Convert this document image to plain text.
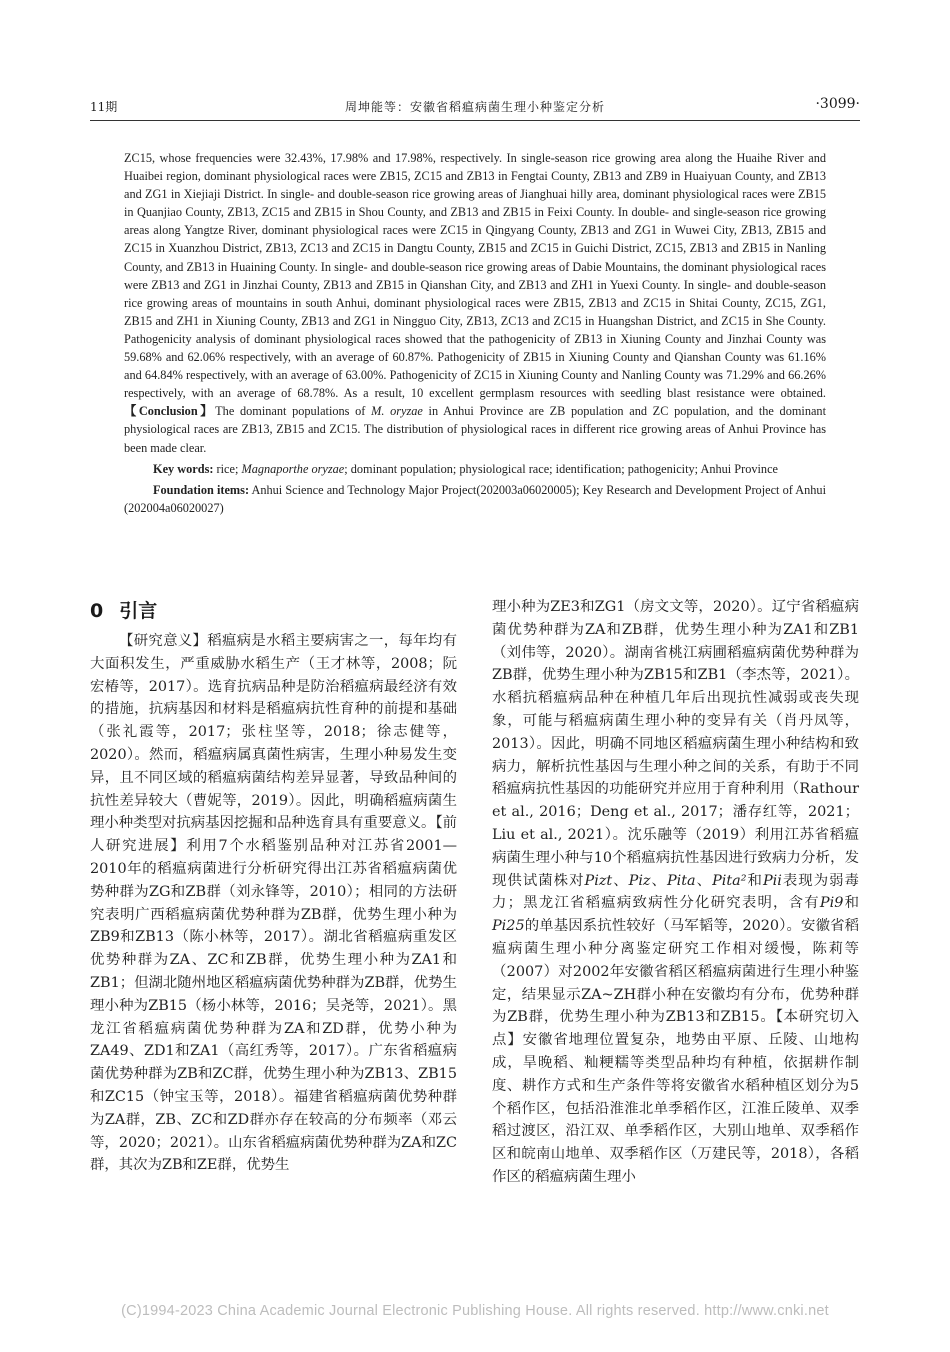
11期	周坤能等：安徽省稻瘟病菌生理小种鉴定分析	·3099·

ZC15, whose frequencies were 32.43%, 17.98% and 17.98%, respectively. In single-season rice growing area along the Huaihe River and Huaibei region, dominant physiological races were ZB15, ZC15 and ZB13 in Fengtai County, ZB13 and ZB9 in Huaiyuan County, and ZB13 and ZG1 in Xiejiaji District. In single- and double-season rice growing areas of Jianghuai hilly area, dominant physiological races were ZB15 in Quanjiao County, ZB13, ZC15 and ZB15 in Shou County, and ZB13 and ZB15 in Feixi County. In double- and single-season rice growing areas along Yangtze River, dominant physiological races were ZC15 in Qingyang County, ZB13 and ZG1 in Wuwei City, ZB13, ZB15 and ZC15 in Xuanzhou District, ZB13, ZC13 and ZC15 in Dangtu County, ZB15 and ZC15 in Guichi District, ZC15, ZB13 and ZB15 in Nanling County, and ZB13 in Huaining County. In single- and double-season rice growing areas of Dabie Mountains, the dominant physiological races were ZB13 and ZG1 in Jinzhai County, ZB13 and ZB15 in Qianshan City, and ZB13 and ZH1 in Yuexi County. In single- and double-season rice growing areas of mountains in south Anhui, dominant physiological races were ZB15, ZB13 and ZC15 in Shitai County, ZC15, ZG1, ZB15 and ZH1 in Xiuning County, ZB13 and ZG1 in Ningguo City, ZB13, ZC13 and ZC15 in Huangshan District, and ZC15 in She County. Pathogenicity analysis of dominant physiological races showed that the pathogenicity of ZB13 in Xiuning County and Jinzhai County was 59.68% and 62.06% respectively, with an average of 60.87%. Pathogenicity of ZB15 in Xiuning County and Qianshan County was 61.16% and 64.84% respectively, with an average of 63.00%. Pathogenicity of ZC15 in Xiuning County and Nanling County was 71.29% and 66.26% respectively, with an average of 68.78%. As a result, 10 excellent germplasm resources with seedling blast resistance were obtained.【Conclusion】The dominant populations of M. oryzae in Anhui Province are ZB population and ZC population, and the dominant physiological races are ZB13, ZB15 and ZC15. The distribution of physiological races in different rice growing areas of Anhui Province has been made clear.

Key words: rice; Magnaporthe oryzae; dominant population; physiological race; identification; pathogenicity; Anhui Province

Foundation items: Anhui Science and Technology Major Project(202003a06020005); Key Research and Development Project of Anhui (202004a06020027)

0 引言

【研究意义】稻瘟病是水稻主要病害之一，每年均有大面积发生，严重威胁水稻生产（王才林等，2008；阮宏椿等，2017）。选育抗病品种是防治稻瘟病最经济有效的措施，抗病基因和材料是稻瘟病抗性育种的前提和基础（张礼霞等，2017；张柱坚等，2018；徐志健等，2020）。然而，稻瘟病属真菌性病害，生理小种易发生变异，且不同区域的稻瘟病菌结构差异显著，导致品种间的抗性差异较大（曹妮等，2019）。因此，明确稻瘟病菌生理小种类型对抗病基因挖掘和品种选育具有重要意义。【前人研究进展】利用7个水稻鉴别品种对江苏省2001—2010年的稻瘟病菌进行分析研究得出江苏省稻瘟病菌优势种群为ZG和ZB群（刘永锋等，2010）；相同的方法研究表明广西稻瘟病菌优势种群为ZB群，优势生理小种为ZB9和ZB13（陈小林等，2017）。湖北省稻瘟病重发区优势种群为ZA、ZC和ZB群，优势生理小种为ZA1和ZB1；但湖北随州地区稻瘟病菌优势种群为ZB群，优势生理小种为ZB15（杨小林等，2016；吴尧等，2021）。黑龙江省稻瘟病菌优势种群为ZA和ZD群，优势小种为ZA49、ZD1和ZA1（高红秀等，2017）。广东省稻瘟病菌优势种群为ZB和ZC群，优势生理小种为ZB13、ZB15和ZC15（钟宝玉等，2018）。福建省稻瘟病菌优势种群为ZA群，ZB、ZC和ZD群亦存在较高的分布频率（邓云等，2020；2021）。山东省稻瘟病菌优势种群为ZA和ZC群，其次为ZB和ZE群，优势生

理小种为ZE3和ZG1（房文文等，2020）。辽宁省稻瘟病菌优势种群为ZA和ZB群，优势生理小种为ZA1和ZB1（刘伟等，2020）。湖南省桃江病圃稻瘟病菌优势种群为ZB群，优势生理小种为ZB15和ZB1（李杰等，2021）。水稻抗稻瘟病品种在种植几年后出现抗性减弱或丧失现象，可能与稻瘟病菌生理小种的变异有关（肖丹凤等，2013）。因此，明确不同地区稻瘟病菌生理小种结构和致病力，解析抗性基因与生理小种之间的关系，有助于不同稻瘟病抗性基因的功能研究并应用于育种利用（Rathour et al., 2016；Deng et al., 2017；潘存红等，2021；Liu et al., 2021）。沈乐融等（2019）利用江苏省稻瘟病菌生理小种与10个稻瘟病抗性基因进行致病力分析，发现供试菌株对Pizt、Piz、Pita、Pita²和Pii表现为弱毒力；黑龙江省稻瘟病致病性分化研究表明，含有Pi9和Pi25的单基因系抗性较好（马军韬等，2020）。安徽省稻瘟病菌生理小种分离鉴定研究工作相对缓慢，陈莉等（2007）对2002年安徽省稻区稻瘟病菌进行生理小种鉴定，结果显示ZA~ZH群小种在安徽均有分布，优势种群为ZB群，优势生理小种为ZB13和ZB15。【本研究切入点】安徽省地理位置复杂，地势由平原、丘陵、山地构成，旱晚稻、籼粳糯等类型品种均有种植，依据耕作制度、耕作方式和生产条件等将安徽省水稻种植区划分为5个稻作区，包括沿淮淮北单季稻作区，江淮丘陵单、双季稻过渡区，沿江双、单季稻作区，大别山地单、双季稻作区和皖南山地单、双季稻作区（万建民等，2018），各稻作区的稻瘟病菌生理小

(C)1994-2023 China Academic Journal Electronic Publishing House. All rights reserved. http://www.cnki.net
